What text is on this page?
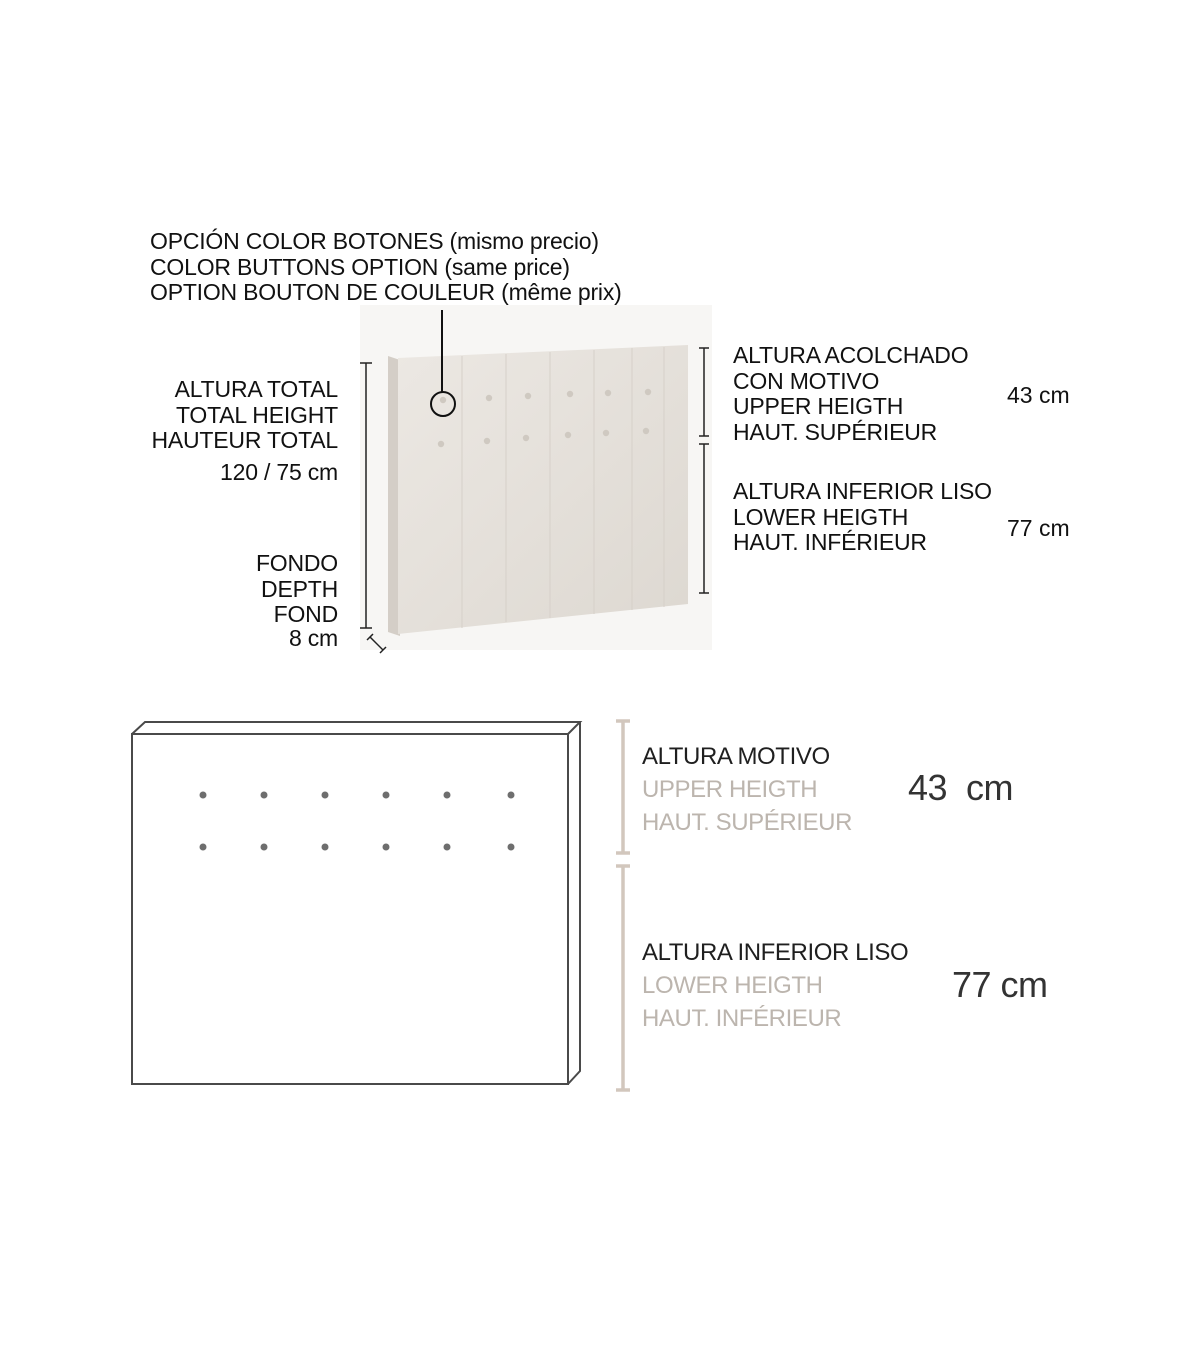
OPCIÓN COLOR BOTONES (mismo precio)
COLOR BUTTONS OPTION (same price)
OPTION BOUTON DE COULEUR (même prix)
ALTURA TOTAL
TOTAL HEIGHT
HAUTEUR TOTAL
120 / 75 cm
FONDO
DEPTH
FOND
8 cm
ALTURA ACOLCHADO
CON MOTIVO
UPPER HEIGTH
HAUT. SUPÉRIEUR
43 cm
ALTURA INFERIOR LISO
LOWER HEIGTH
HAUT. INFÉRIEUR
77 cm
ALTURA MOTIVO
UPPER HEIGTH
HAUT. SUPÉRIEUR
43  cm
ALTURA INFERIOR LISO
LOWER HEIGTH
HAUT. INFÉRIEUR
77 cm
